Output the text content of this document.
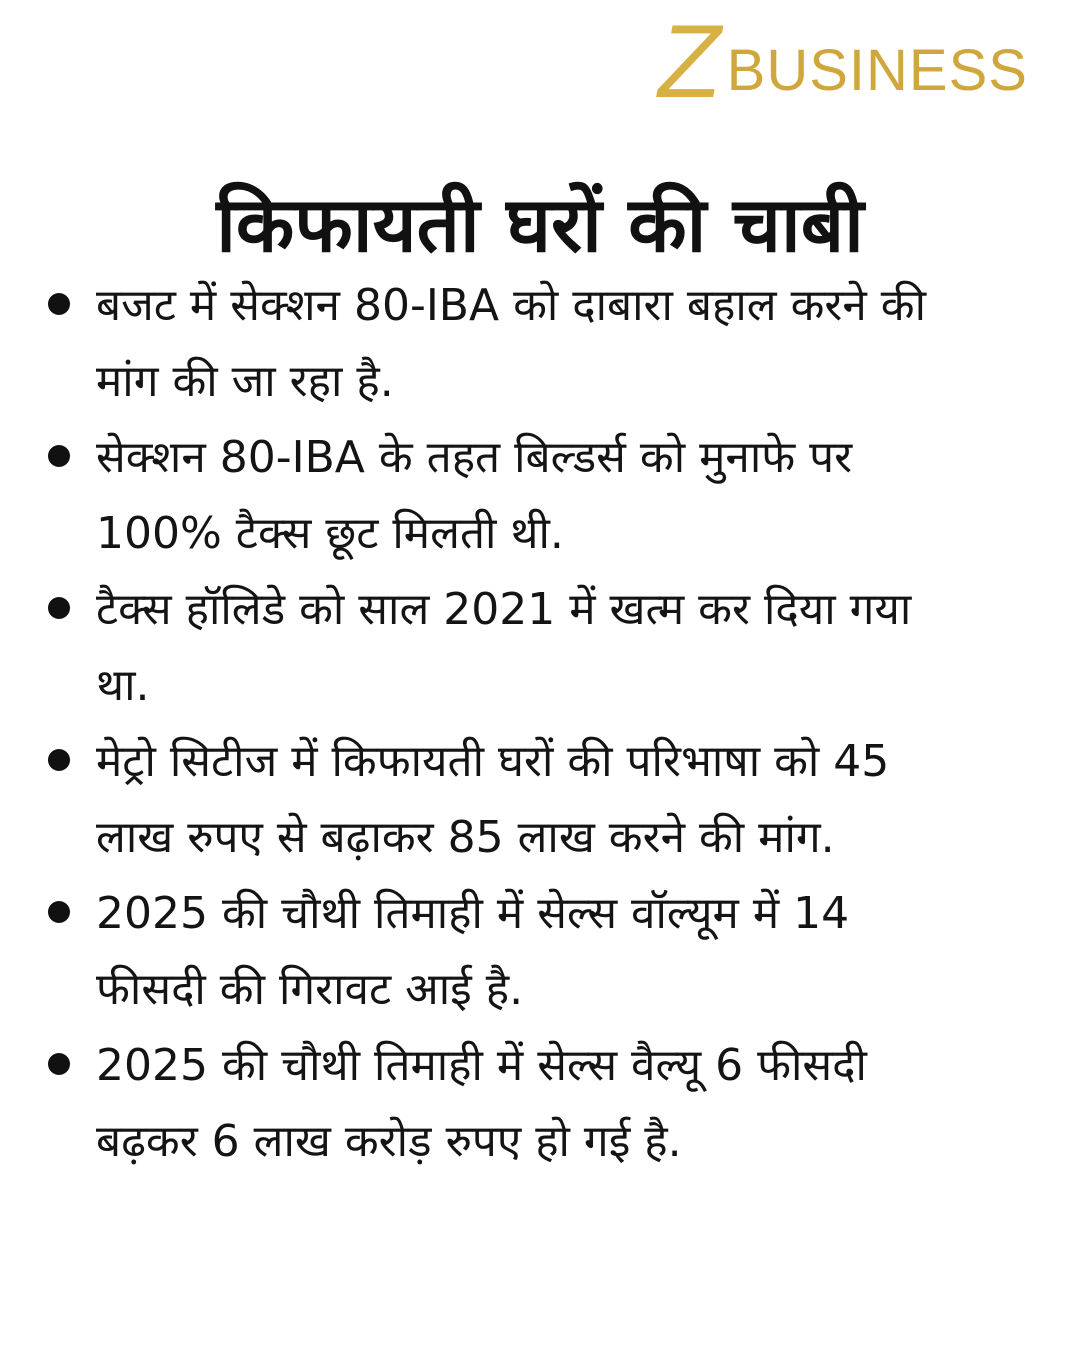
Z
BUSINESS
किफायती घरों की चाबी
बजट में सेक्शन 80-IBA को दाबारा बहाल करने की मांग की जा रहा है.
सेक्शन 80-IBA के तहत बिल्डर्स को मुनाफे पर 100% टैक्स छूट मिलती थी.
टैक्स हॉलिडे को साल 2021 में खत्म कर दिया गया था.
मेट्रो सिटीज में किफायती घरों की परिभाषा को 45 लाख रुपए से बढ़ाकर 85 लाख करने की मांग.
2025 की चौथी तिमाही में सेल्स वॉल्यूम में 14 फीसदी की गिरावट आई है.
2025 की चौथी तिमाही में सेल्स वैल्यू 6 फीसदी बढ़कर 6 लाख करोड़ रुपए हो गई है.
